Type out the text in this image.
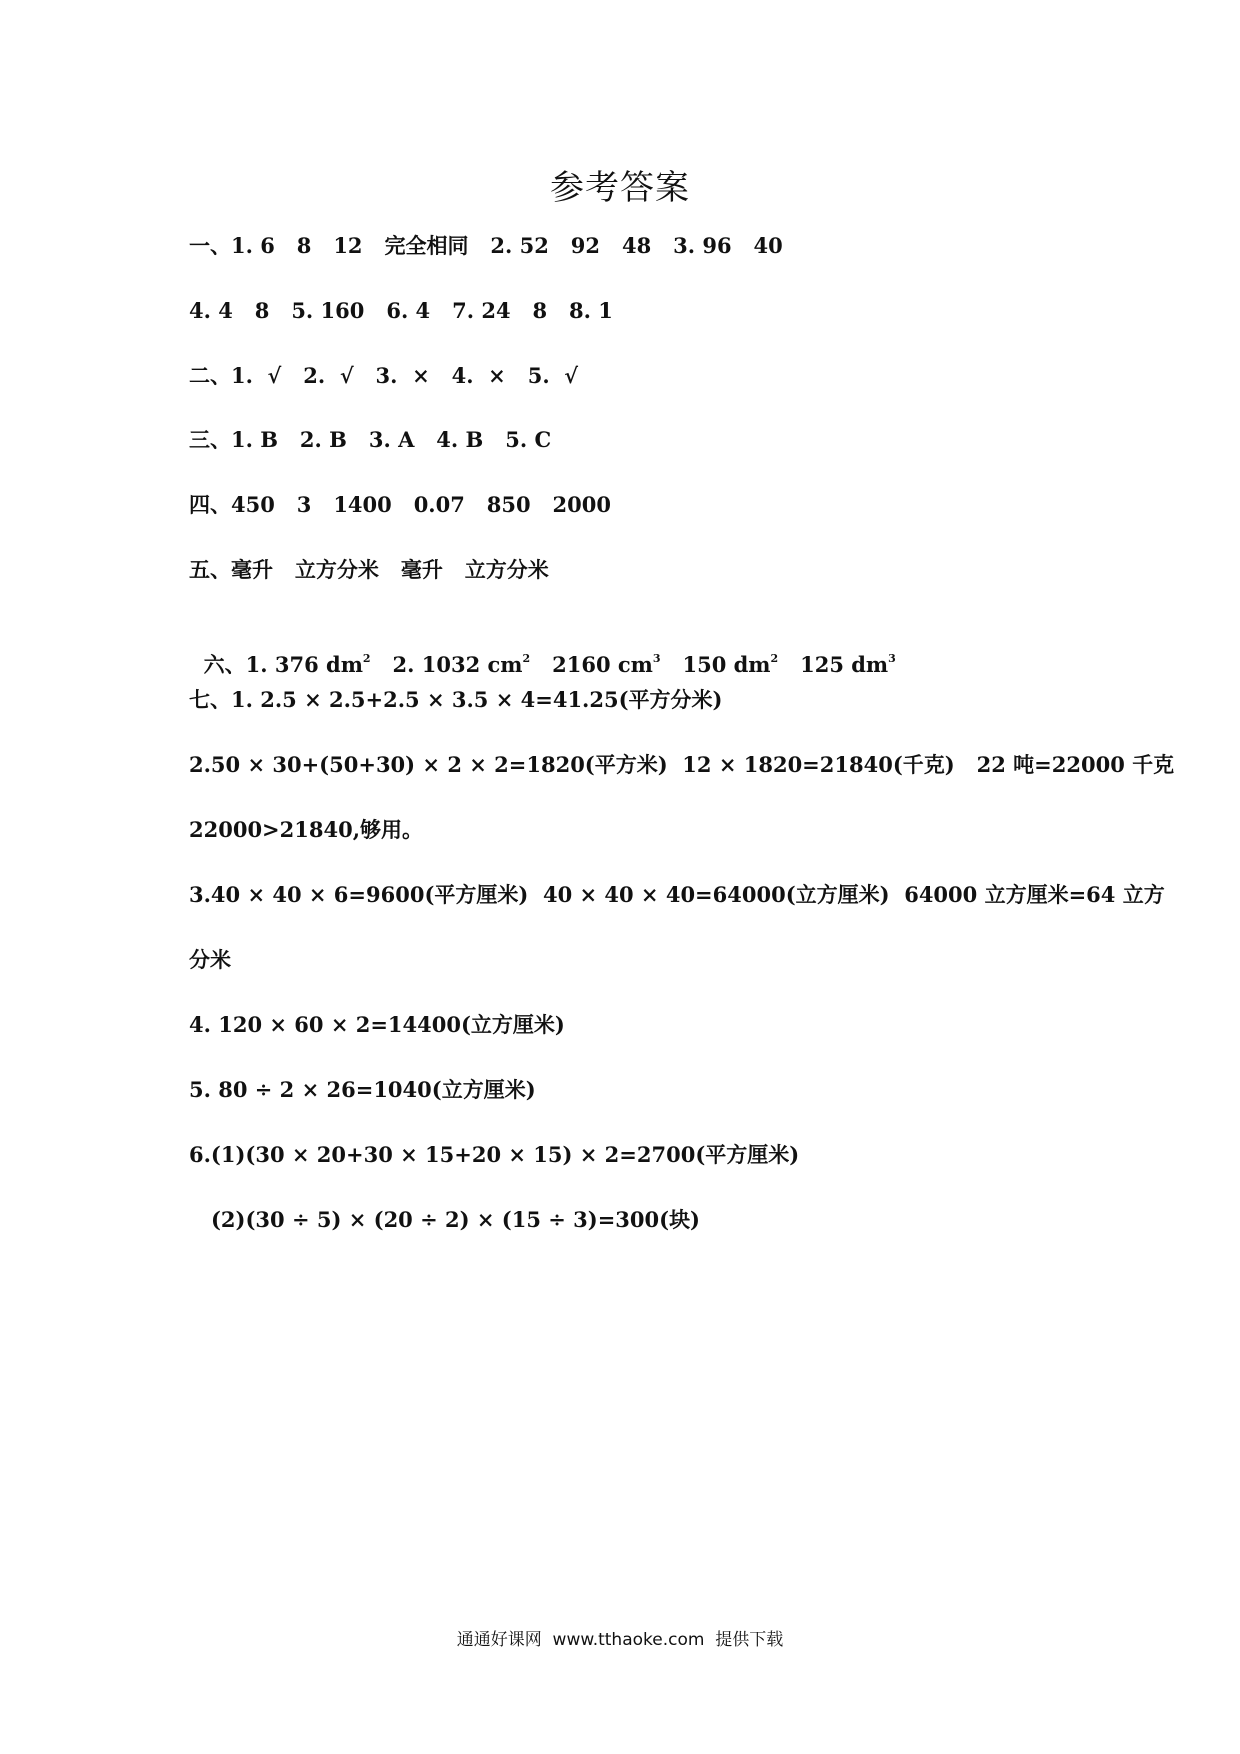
参考答案
一、1. 6   8   12   完全相同   2. 52   92   48   3. 96   40
4. 4   8   5. 160   6. 4   7. 24   8   8. 1
二、1.  √   2.  √   3.  ×   4.  ×   5.  √
三、1. B   2. B   3. A   4. B   5. C
四、450   3   1400   0.07   850   2000
五、毫升   立方分米   毫升   立方分米

六、1. 376 $dm^2$   2. 1032 $cm^2$   2160 $cm^3$   150 $dm^2$   125 $dm^3$

七、1. 2.5 × 2.5+2.5 × 3.5 × 4=41.25(平方分米)
2.50 × 30+(50+30) × 2 × 2=1820(平方米)  12 × 1820=21840(千克)   22 吨=22000 千克
22000>21840,够用。
3.40 × 40 × 6=9600(平方厘米)  40 × 40 × 40=64000(立方厘米)  64000 立方厘米=64 立方
分米
4. 120 × 60 × 2=14400(立方厘米)
5. 80 ÷ 2 × 26=1040(立方厘米)
6.(1)(30 × 20+30 × 15+20 × 15) × 2=2700(平方厘米)
(2)(30 ÷ 5) × (20 ÷ 2) × (15 ÷ 3)=300(块)
通通好课网  www.tthaoke.com  提供下载
